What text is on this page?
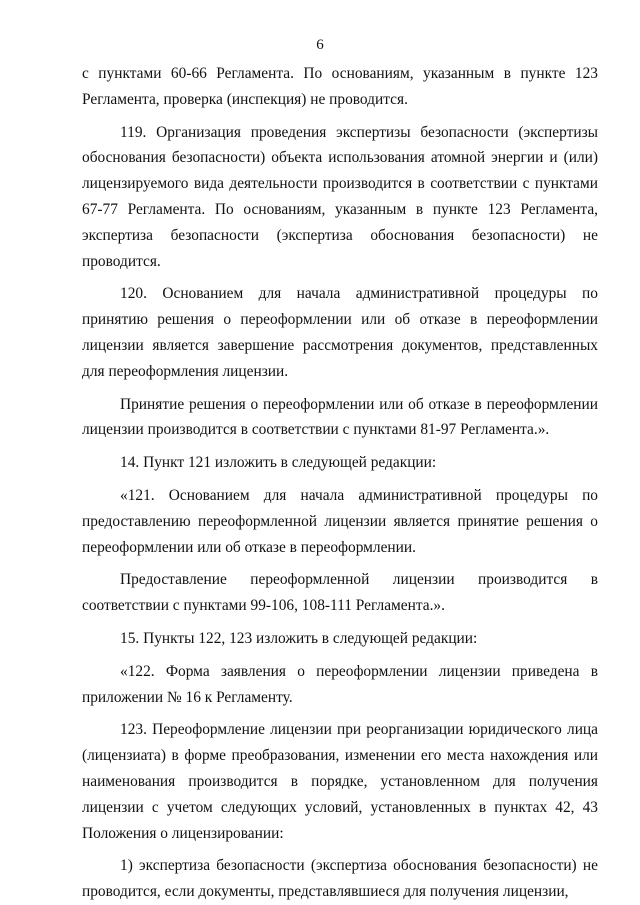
6

с пунктами 60-66 Регламента. По основаниям, указанным в пункте 123 Регламента, проверка (инспекция) не проводится.

119. Организация проведения экспертизы безопасности (экспертизы обоснования безопасности) объекта использования атомной энергии и (или) лицензируемого вида деятельности производится в соответствии с пунктами 67-77 Регламента. По основаниям, указанным в пункте 123 Регламента, экспертиза безопасности (экспертиза обоснования безопасности) не проводится.

120. Основанием для начала административной процедуры по принятию решения о переоформлении или об отказе в переоформлении лицензии является завершение рассмотрения документов, представленных для переоформления лицензии.

Принятие решения о переоформлении или об отказе в переоформлении лицензии производится в соответствии с пунктами 81-97 Регламента.».

14. Пункт 121 изложить в следующей редакции:

«121. Основанием для начала административной процедуры по предоставлению переоформленной лицензии является принятие решения о переоформлении или об отказе в переоформлении.

Предоставление переоформленной лицензии производится в соответствии с пунктами 99-106, 108-111 Регламента.».

15. Пункты 122, 123 изложить в следующей редакции:

«122. Форма заявления о переоформлении лицензии приведена в приложении № 16 к Регламенту.

123. Переоформление лицензии при реорганизации юридического лица (лицензиата) в форме преобразования, изменении его места нахождения или наименования производится в порядке, установленном для получения лицензии с учетом следующих условий, установленных в пунктах 42, 43 Положения о лицензировании:

1) экспертиза безопасности (экспертиза обоснования безопасности) не проводится, если документы, представлявшиеся для получения лицензии,
